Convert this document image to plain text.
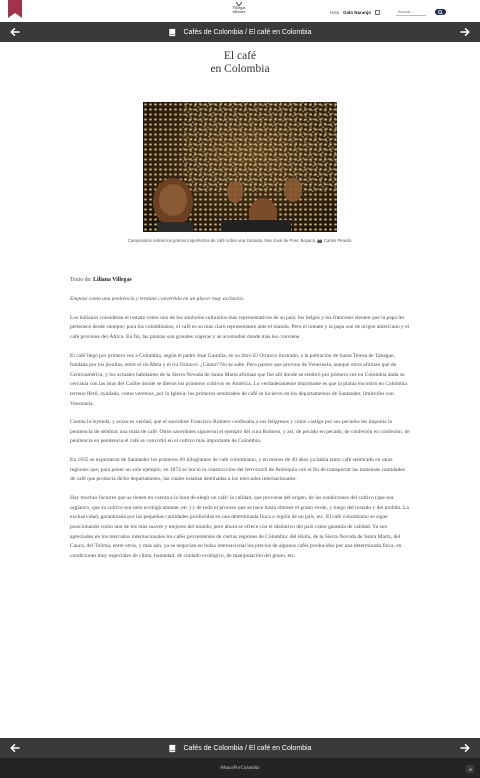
Villegas
editores	Hola Galo Naranjo
Buscar...
Cafés de Colombia / El café en Colombia
El café
en Colombia
Campesinos retiran los granos imperfectos de café sobre una zaranda. San José de Poer, Boyacá. 📷 Carlos Pineda.

Texto de: Liliana Villegas

Empezó como una penitencia y terminó convertido en un placer muy exclusivo.

Los italianos consideran el tomate como uno de los símbolos culinarios más representativos de su país; los belgas y los franceses sienten que la papa les pertenece desde siempre; para los colombianos, el café es su más claro representante ante el mundo. Pero el tomate y la papa son de origen americano y el café proviene del África. En fin, las plantas son grandes viajeras y se acomodan donde más les conviene.

El café llegó por primera vez a Colombia, según el padre José Gumilla, en su libro El Orinoco ilustrado, a la población de Santa Teresa de Tabague, fundada por los jesuitas, entre el río Meta y el río Orinoco. ¿Cómo? No se sabe. Pero parece que provino de Venezuela, aunque otros afirman que de Centroamérica, y los actuales habitantes de la Sierra Nevada de Santa Marta afirman que fue allí donde se sembró por primera vez en Colombia dada su cercanía con las islas del Caribe donde se dieron los primeros cultivos en América. Lo verdaderamente importante es que la planta encontró en Colombia terreno fértil, ayudada, como veremos, por la Iglesia; los primeros sembrados de café se hicieron en los departamentos de Santander, limítrofes con Venezuela.

Cuenta la leyenda, y acaso es verdad, que el sacerdote Francisco Romero confesaba a sus feligreses y como castigo por sus pecados les imponía la penitencia de sembrar una mata de café. Otros sacerdotes siguieron el ejemplo del cura Romero, y así, de pecado en pecado, de confesión en confesión, de penitencia en penitencia el café se convirtió en el cultivo más importante de Colombia.

En 1835 se exportaron de Santander los primeros 60 kilogramos de café colombiano, y en menos de 40 años ya había tanto café sembrado en otras regiones que, para poner un solo ejemplo, en 1874 se inició la construcción del ferrocarril de Antioquia con el fin de transportar las inmensas cantidades de café que producía dicho departamento, las cuales estaban destinadas a los mercados internacionales.

Hay muchos factores que se tienen en cuenta a la hora de elegir un café: la calidad, que proviene del origen, de las condiciones del cultivo (que sea orgánico, que su cultivo sea sano ecológicamente, etc.) y de todo el proceso que se hace hasta obtener el grano verde, y luego del tostado y del molido. La exclusividad, garantizada por las pequeñas cantidades producidas en una determinada finca o región de un país, etc. El café colombiano se sigue posicionando como uno de los más suaves y mejores del mundo, pero ahora se ofrece con el distintivo del país como garantía de calidad. Ya son apreciados en los mercados internacionales los cafés provenientes de ciertas regiones de Colombia: del Huila, de la Sierra Nevada de Santa Marta, del Cauca, del Tolima, entre otros, y más aún, ya se negocian en bolsa internacional los precios de algunos cafés producidos por una determinada finca, en condiciones muy especiales de clima, humedad, de cuidado ecológico, de manipulación del grano, etc.

Cafés de Colombia / El café en Colombia
#AmorPorColombia
